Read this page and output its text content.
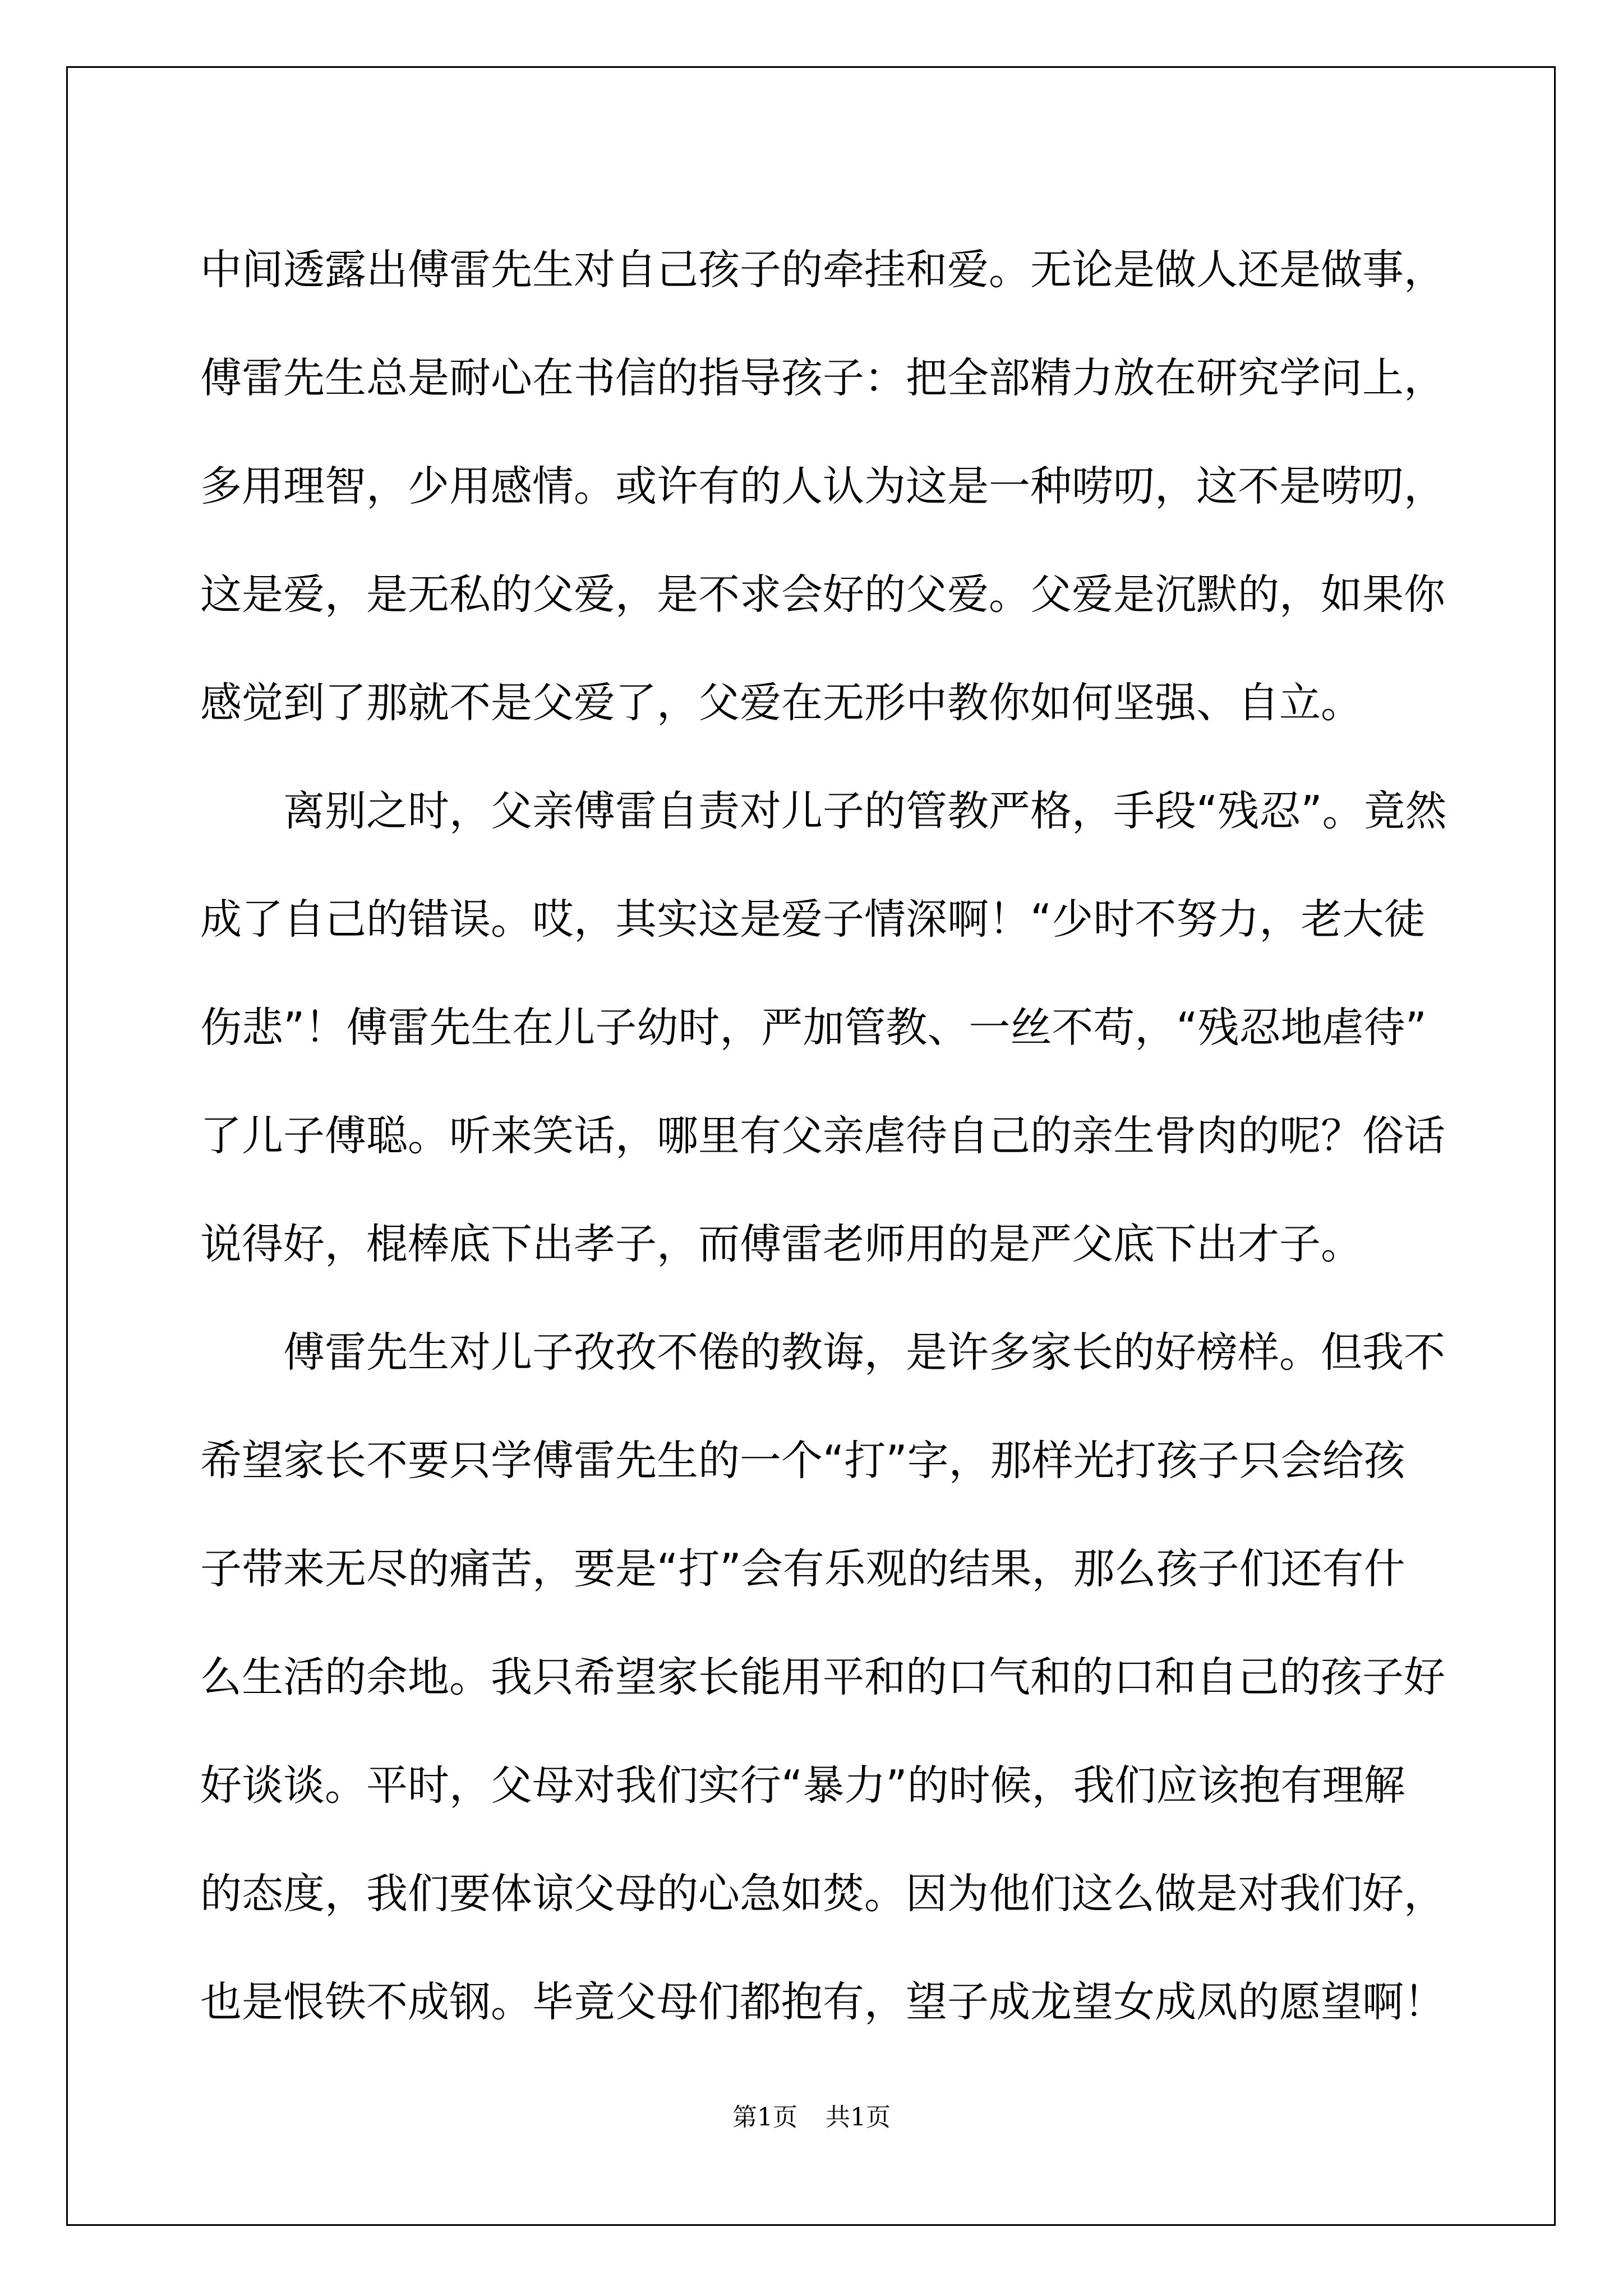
中间透露出傅雷先生对自己孩子的牵挂和爱。无论是做人还是做事，
傅雷先生总是耐心在书信的指导孩子：把全部精力放在研究学问上，
多用理智，少用感情。或许有的人认为这是一种唠叨，这不是唠叨，
这是爱，是无私的父爱，是不求会好的父爱。父爱是沉默的，如果你
感觉到了那就不是父爱了，父爱在无形中教你如何坚强、自立。
　　离别之时，父亲傅雷自责对儿子的管教严格，手段“残忍”。竟然
成了自己的错误。哎，其实这是爱子情深啊！“少时不努力，老大徒
伤悲”！傅雷先生在儿子幼时，严加管教、一丝不苟，“残忍地虐待”
了儿子傅聪。听来笑话，哪里有父亲虐待自己的亲生骨肉的呢？俗话
说得好，棍棒底下出孝子，而傅雷老师用的是严父底下出才子。
　　傅雷先生对儿子孜孜不倦的教诲，是许多家长的好榜样。但我不
希望家长不要只学傅雷先生的一个“打”字，那样光打孩子只会给孩
子带来无尽的痛苦，要是“打”会有乐观的结果，那么孩子们还有什
么生活的余地。我只希望家长能用平和的口气和的口和自己的孩子好
好谈谈。平时，父母对我们实行“暴力”的时候，我们应该抱有理解
的态度，我们要体谅父母的心急如焚。因为他们这么做是对我们好，
也是恨铁不成钢。毕竟父母们都抱有，望子成龙望女成凤的愿望啊！
第1页 共1页
